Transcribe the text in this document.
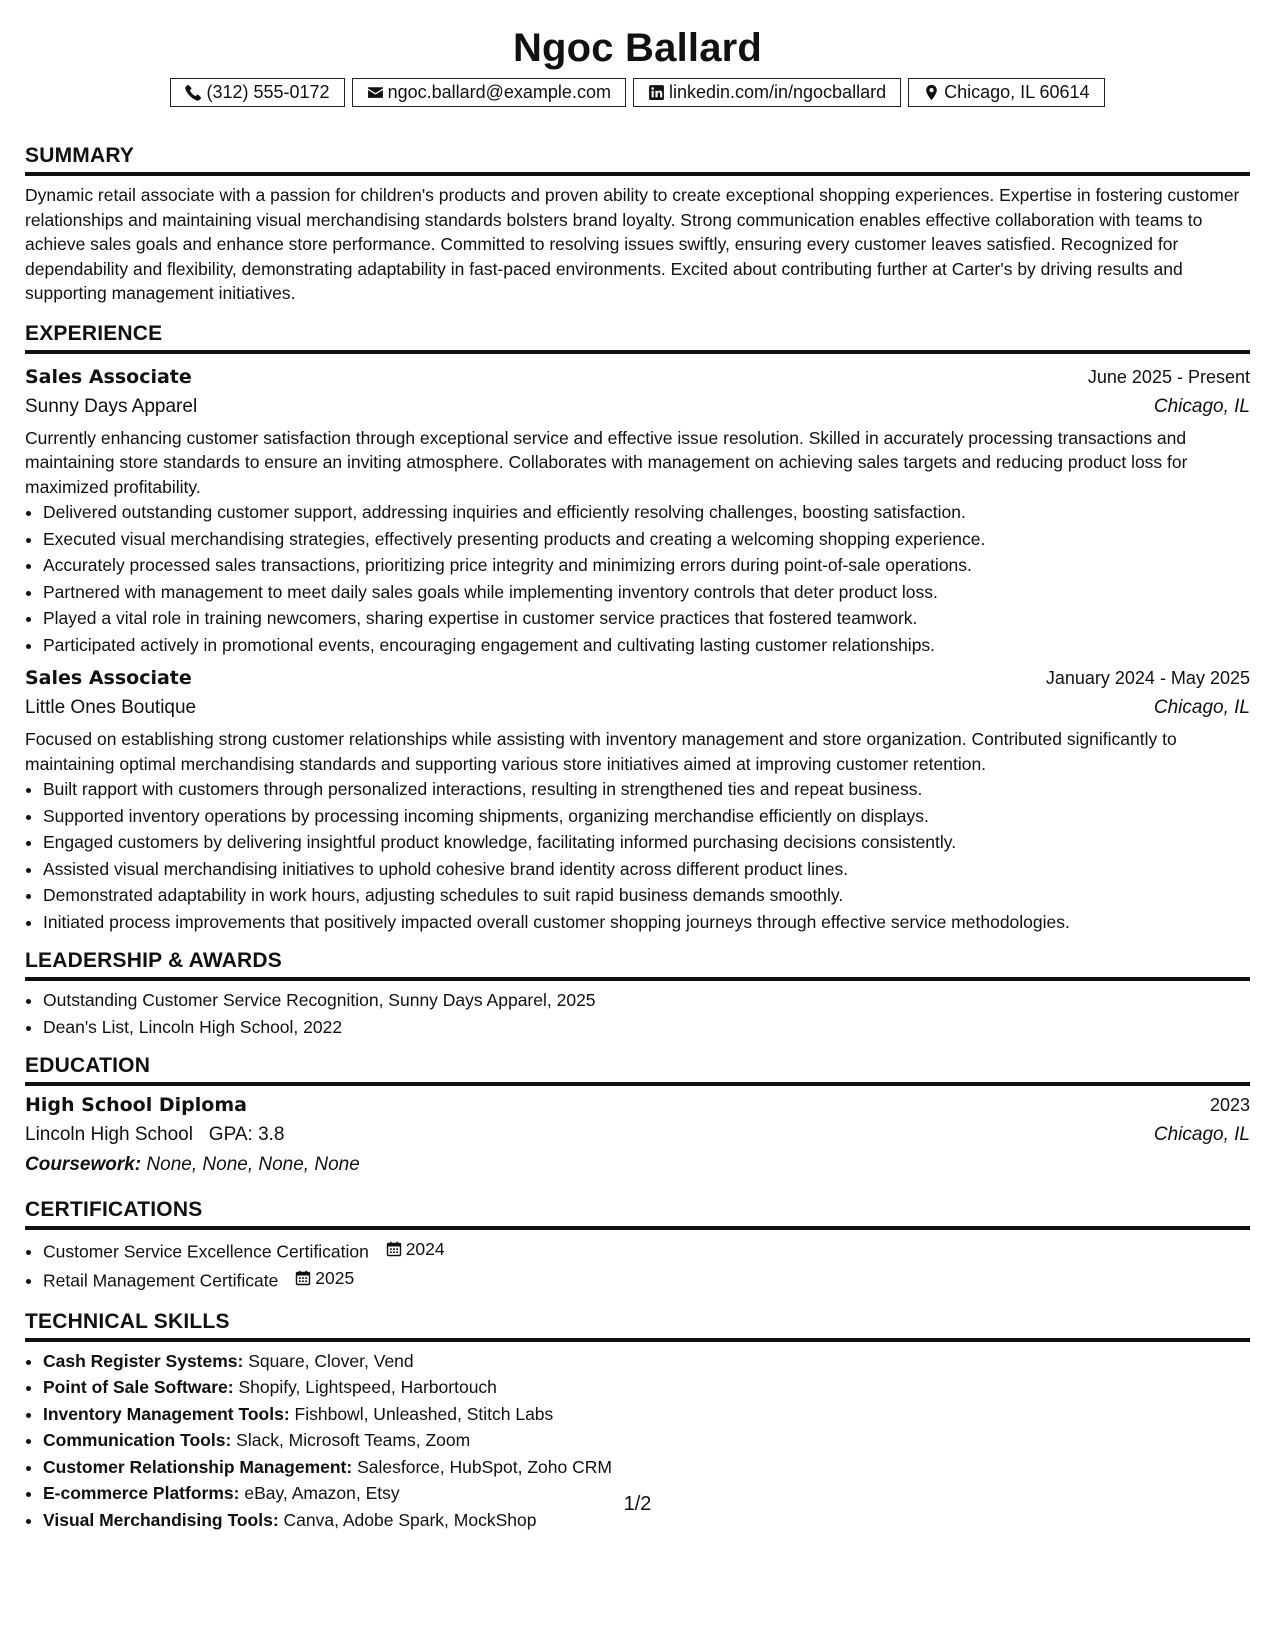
Ngoc Ballard
(312) 555-0172	ngoc.ballard@example.com	linkedin.com/in/ngocballard	Chicago, IL 60614
SUMMARY
Dynamic retail associate with a passion for children's products and proven ability to create exceptional shopping experiences. Expertise in fostering customer relationships and maintaining visual merchandising standards bolsters brand loyalty. Strong communication enables effective collaboration with teams to achieve sales goals and enhance store performance. Committed to resolving issues swiftly, ensuring every customer leaves satisfied. Recognized for dependability and flexibility, demonstrating adaptability in fast-paced environments. Excited about contributing further at Carter's by driving results and supporting management initiatives.
EXPERIENCE
Sales Associate	June 2025 - Present
Sunny Days Apparel	Chicago, IL
Currently enhancing customer satisfaction through exceptional service and effective issue resolution. Skilled in accurately processing transactions and maintaining store standards to ensure an inviting atmosphere. Collaborates with management on achieving sales targets and reducing product loss for maximized profitability.
• Delivered outstanding customer support, addressing inquiries and efficiently resolving challenges, boosting satisfaction.
• Executed visual merchandising strategies, effectively presenting products and creating a welcoming shopping experience.
• Accurately processed sales transactions, prioritizing price integrity and minimizing errors during point-of-sale operations.
• Partnered with management to meet daily sales goals while implementing inventory controls that deter product loss.
• Played a vital role in training newcomers, sharing expertise in customer service practices that fostered teamwork.
• Participated actively in promotional events, encouraging engagement and cultivating lasting customer relationships.
Sales Associate	January 2024 - May 2025
Little Ones Boutique	Chicago, IL
Focused on establishing strong customer relationships while assisting with inventory management and store organization. Contributed significantly to maintaining optimal merchandising standards and supporting various store initiatives aimed at improving customer retention.
• Built rapport with customers through personalized interactions, resulting in strengthened ties and repeat business.
• Supported inventory operations by processing incoming shipments, organizing merchandise efficiently on displays.
• Engaged customers by delivering insightful product knowledge, facilitating informed purchasing decisions consistently.
• Assisted visual merchandising initiatives to uphold cohesive brand identity across different product lines.
• Demonstrated adaptability in work hours, adjusting schedules to suit rapid business demands smoothly.
• Initiated process improvements that positively impacted overall customer shopping journeys through effective service methodologies.
LEADERSHIP & AWARDS
• Outstanding Customer Service Recognition, Sunny Days Apparel, 2025
• Dean's List, Lincoln High School, 2022
EDUCATION
High School Diploma	2023
Lincoln High School GPA: 3.8	Chicago, IL
Coursework: None, None, None, None
CERTIFICATIONS
• Customer Service Excellence Certification 2024
• Retail Management Certificate 2025
TECHNICAL SKILLS
• Cash Register Systems: Square, Clover, Vend
• Point of Sale Software: Shopify, Lightspeed, Harbortouch
• Inventory Management Tools: Fishbowl, Unleashed, Stitch Labs
• Communication Tools: Slack, Microsoft Teams, Zoom
• Customer Relationship Management: Salesforce, HubSpot, Zoho CRM
• E-commerce Platforms: eBay, Amazon, Etsy
• Visual Merchandising Tools: Canva, Adobe Spark, MockShop
1/2
